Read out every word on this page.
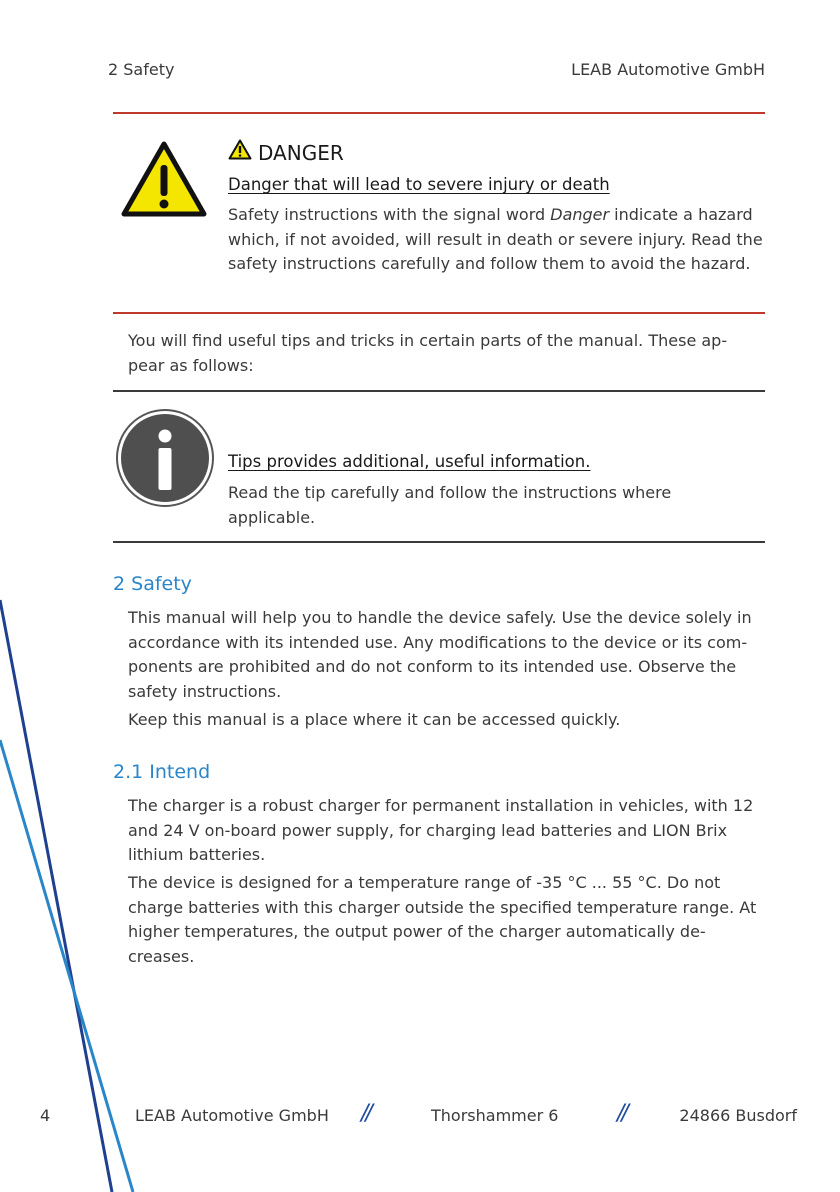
2 Safety	LEAB Automotive GmbH
DANGER
Danger that will lead to severe injury or death
Safety instructions with the signal word Danger indicate a hazard which, if not avoided, will result in death or severe injury. Read the safety instructions carefully and follow them to avoid the hazard.
You will find useful tips and tricks in certain parts of the manual. These ap-pear as follows:
Tips provides additional, useful information.
Read the tip carefully and follow the instructions where applicable.
2 Safety
This manual will help you to handle the device safely. Use the device solely in accordance with its intended use. Any modifications to the device or its com-ponents are prohibited and do not conform to its intended use. Observe the safety instructions.
Keep this manual is a place where it can be accessed quickly.
2.1 Intend
The charger is a robust charger for permanent installation in vehicles, with 12 and 24 V on-board power supply, for charging lead batteries and LION Brix lithium batteries.
The device is designed for a temperature range of -35 °C ... 55 °C. Do not charge batteries with this charger outside the specified temperature range. At higher temperatures, the output power of the charger automatically de-creases.
4	LEAB Automotive GmbH //	Thorshammer 6	//	24866 Busdorf
